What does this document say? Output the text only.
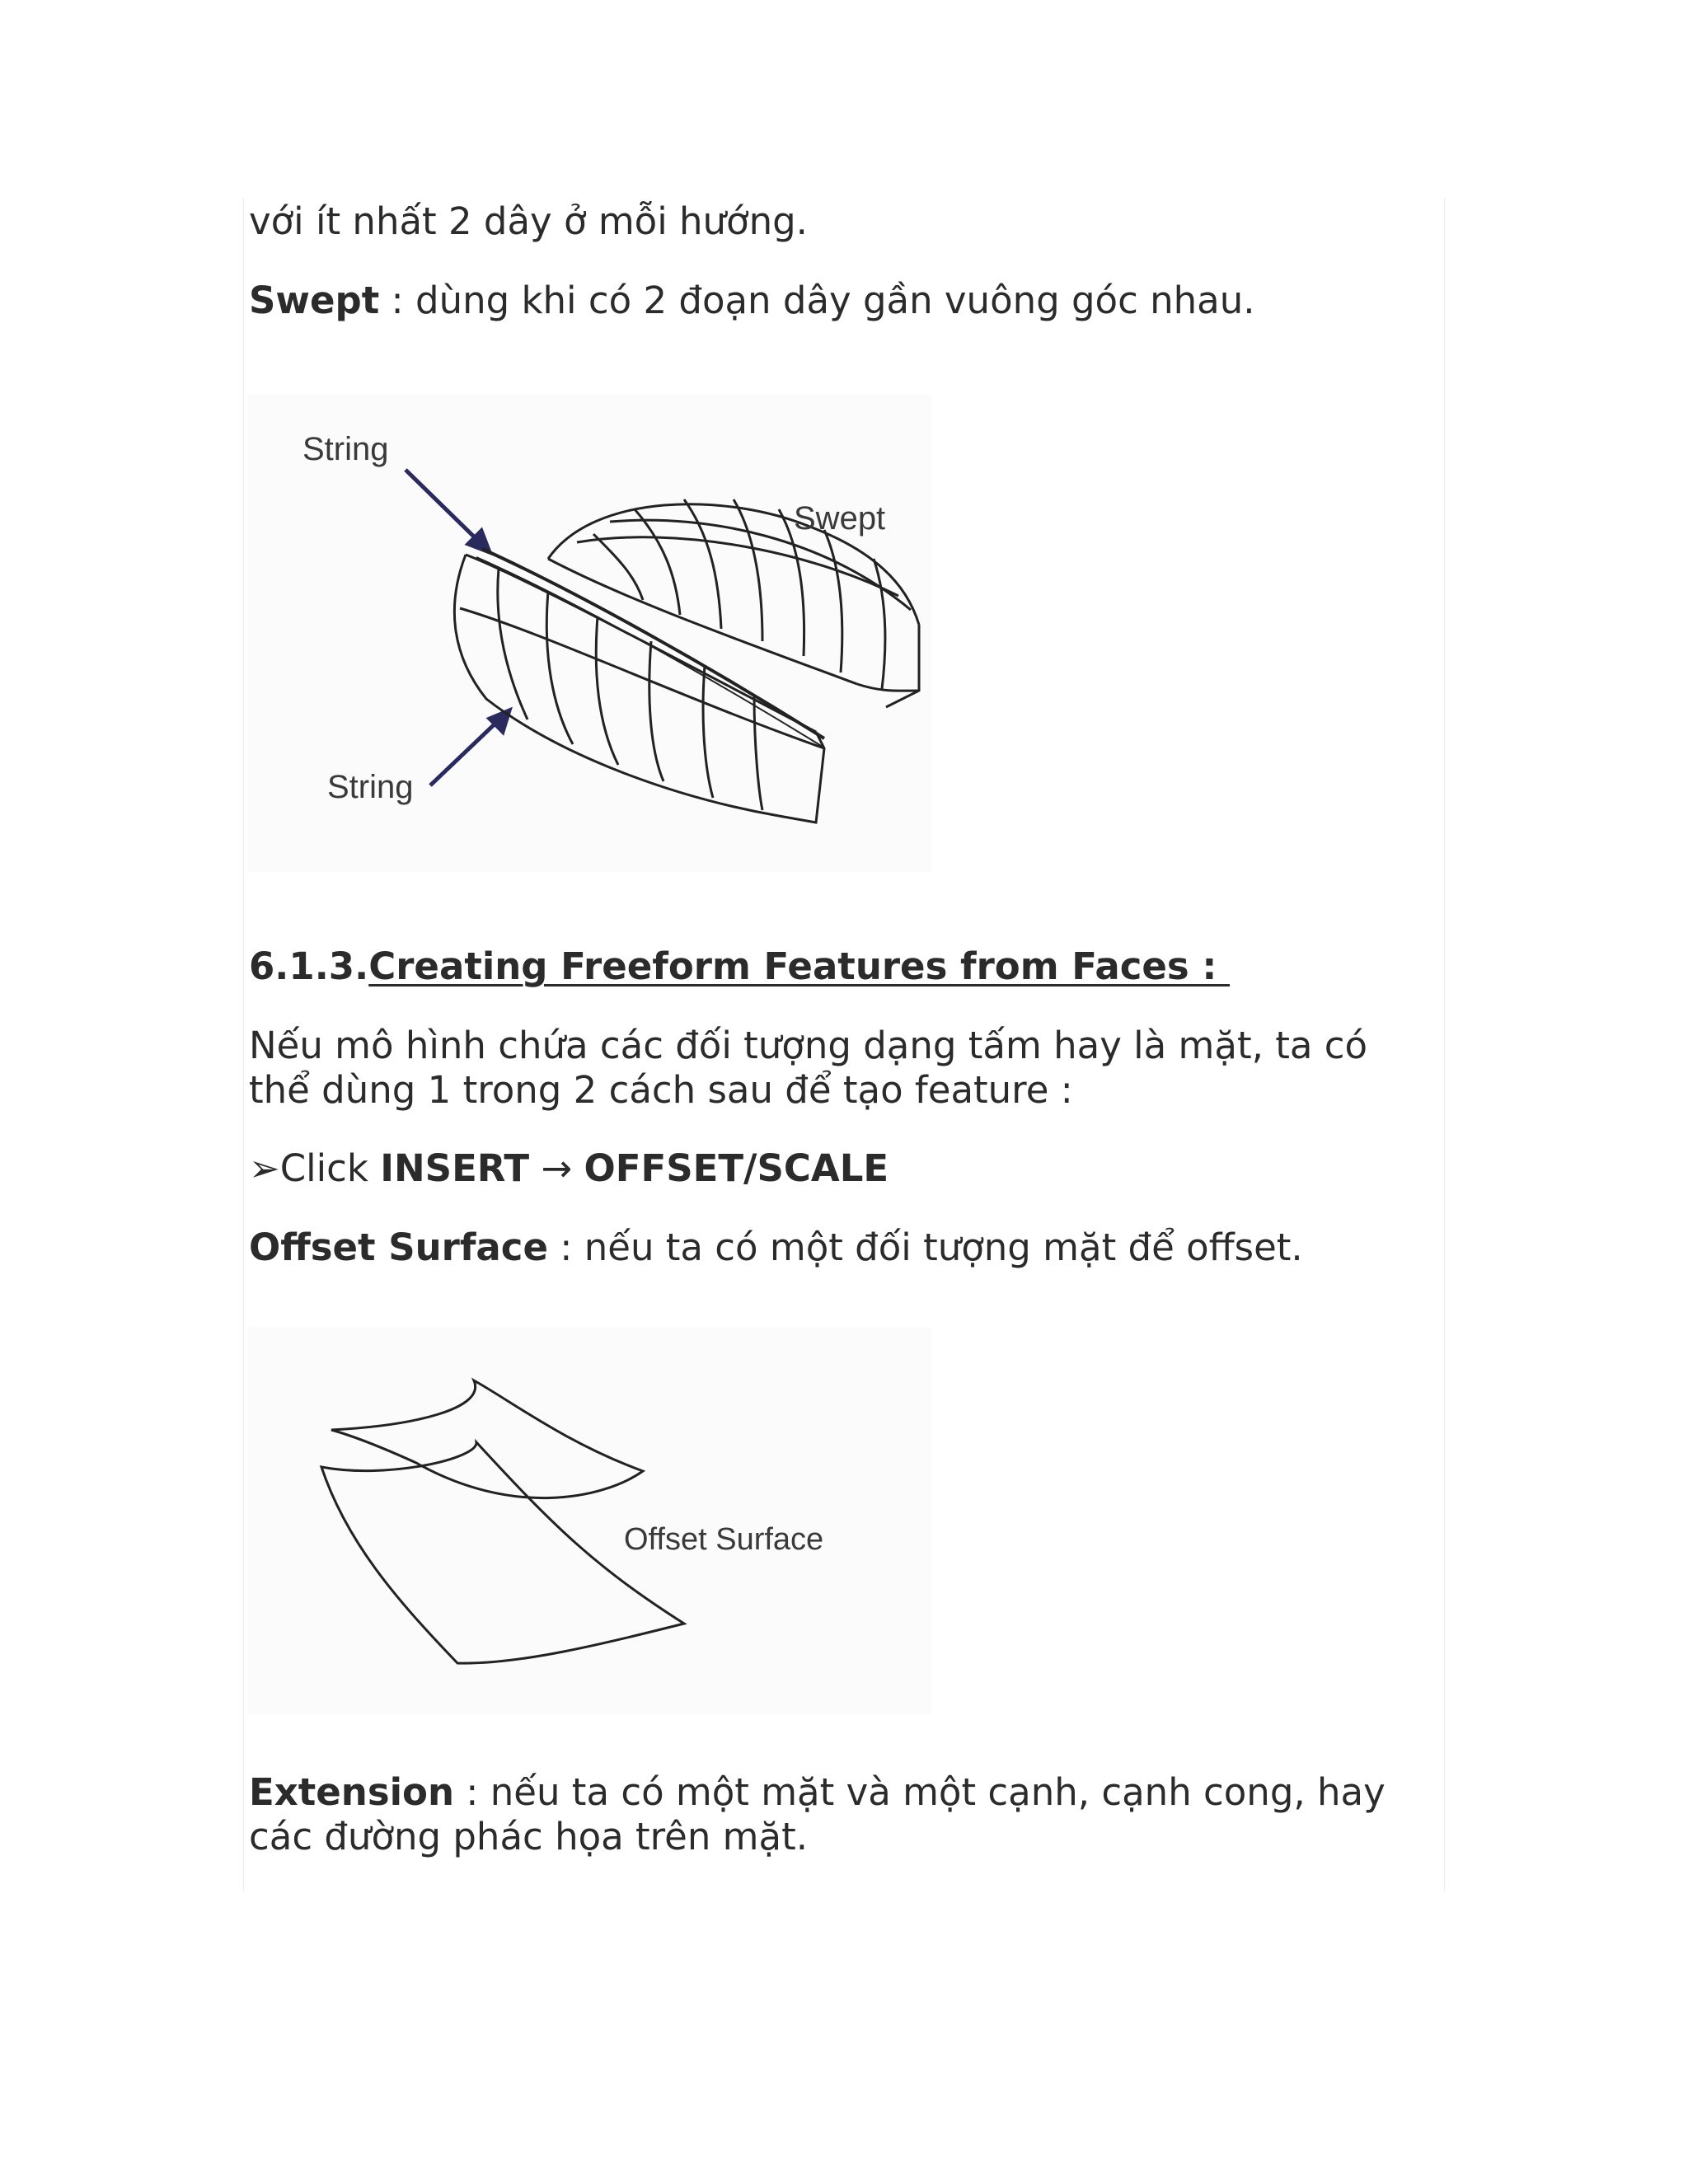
với ít nhất 2 dây ở mỗi hướng.

Swept : dùng khi có 2 đoạn dây gần vuông góc nhau.

String
Swept
String
6.1.3.Creating Freeform Features from Faces :

Nếu mô hình chứa các đối tượng dạng tấm hay là mặt, ta có

thể dùng 1 trong 2 cách sau để tạo feature :

➢Click INSERT → OFFSET/SCALE

Offset Surface : nếu ta có một đối tượng mặt để offset.

Offset Surface

Extension : nếu ta có một mặt và một cạnh, cạnh cong, hay

các đường phác họa trên mặt.
